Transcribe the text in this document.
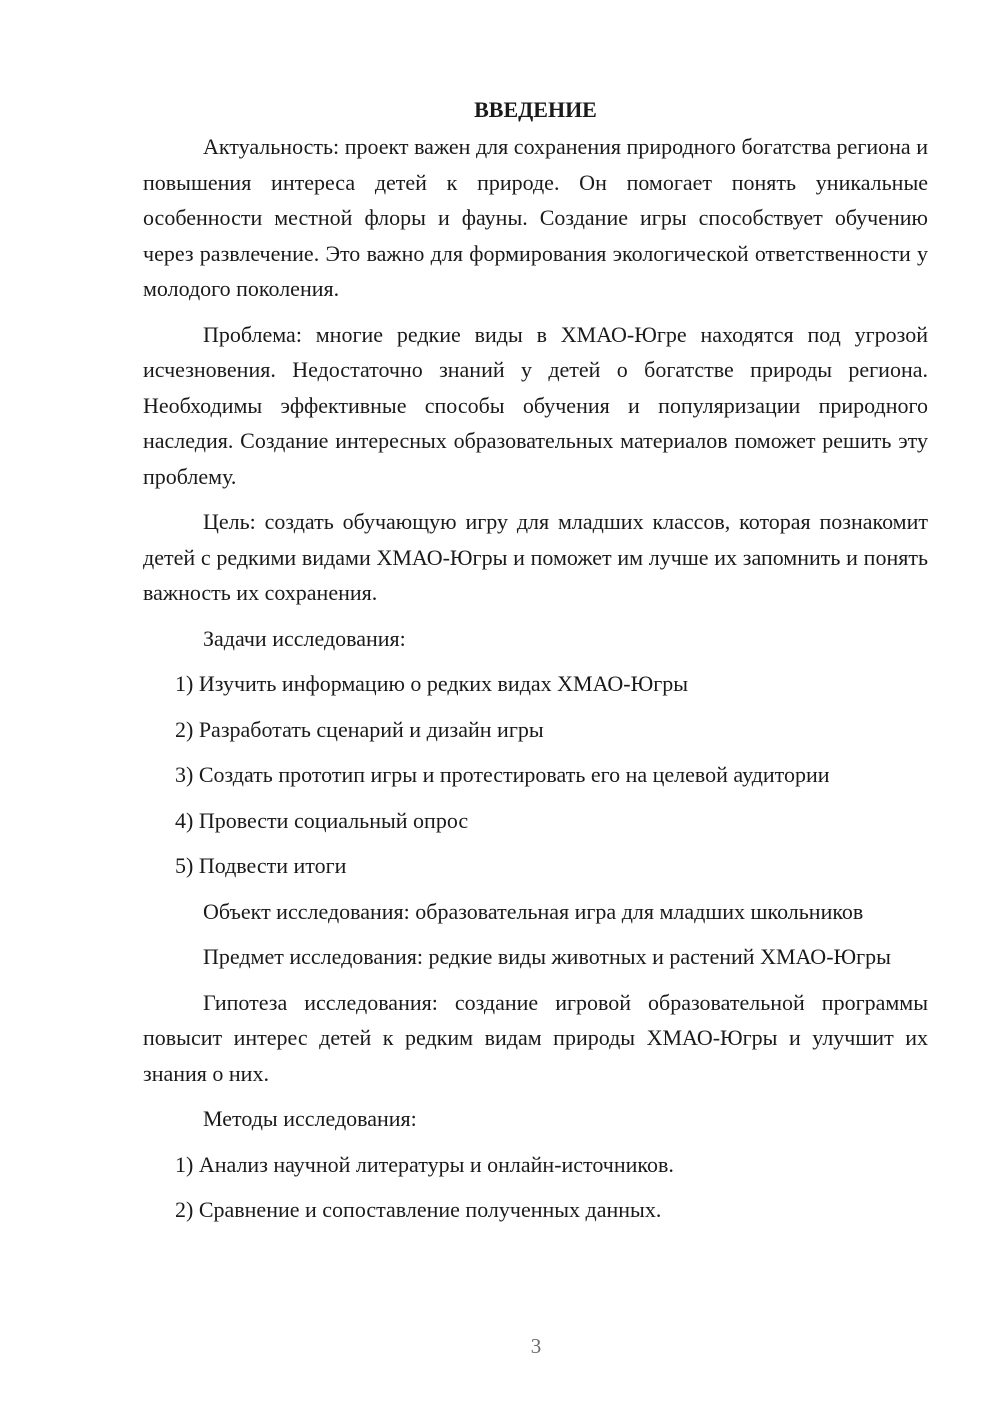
ВВЕДЕНИЕ

Актуальность: проект важен для сохранения природного богатства региона и повышения интереса детей к природе. Он помогает понять уникальные особенности местной флоры и фауны. Создание игры способствует обучению через развлечение. Это важно для формирования экологической ответственности у молодого поколения.

Проблема: многие редкие виды в ХМАО-Югре находятся под угрозой исчезновения. Недостаточно знаний у детей о богатстве природы региона. Необходимы эффективные способы обучения и популяризации природного наследия. Создание интересных образовательных материалов поможет решить эту проблему.

Цель: создать обучающую игру для младших классов, которая познакомит детей с редкими видами ХМАО-Югры и поможет им лучше их запомнить и понять важность их сохранения.

Задачи исследования:

1) Изучить информацию о редких видах ХМАО-Югры

2) Разработать сценарий и дизайн игры

3) Создать прототип игры и протестировать его на целевой аудитории

4) Провести социальный опрос

5) Подвести итоги

Объект исследования: образовательная игра для младших школьников

Предмет исследования: редкие виды животных и растений ХМАО-Югры

Гипотеза исследования: создание игровой образовательной программы повысит интерес детей к редким видам природы ХМАО-Югры и улучшит их знания о них.

Методы исследования:

1) Анализ научной литературы и онлайн-источников.

2) Сравнение и сопоставление полученных данных.

3
